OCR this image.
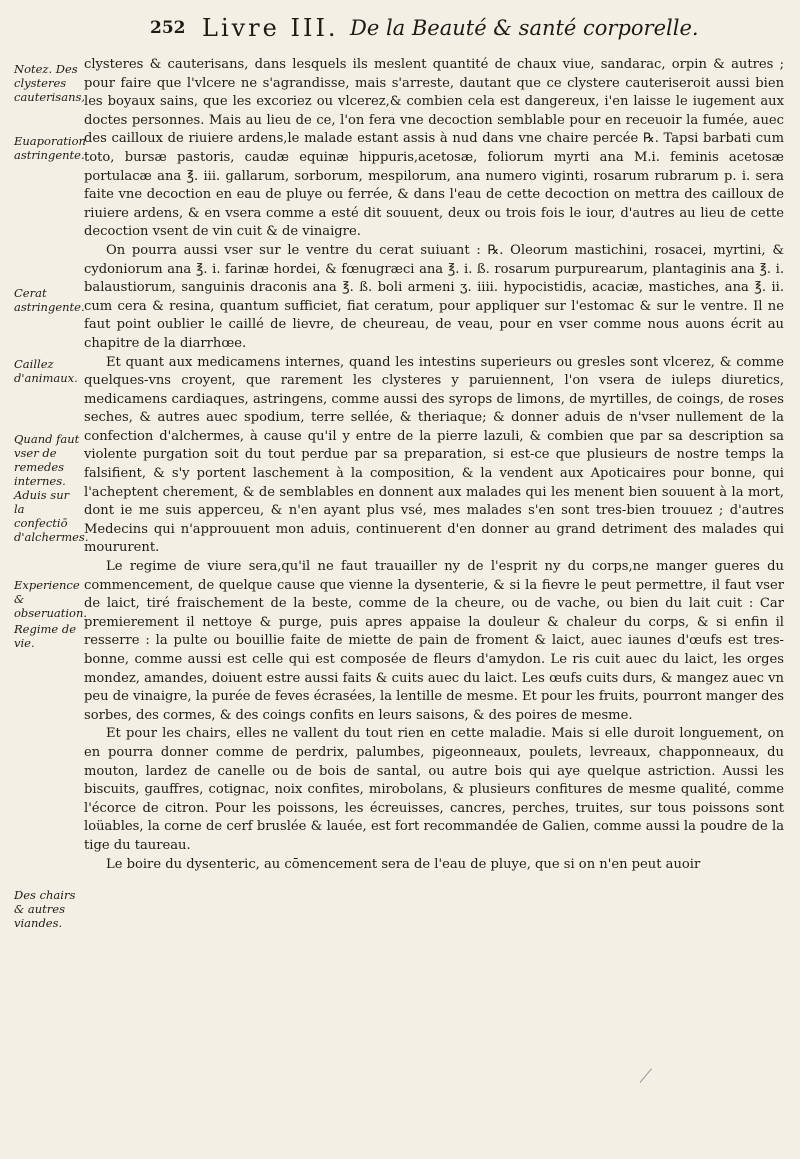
252 Livre III. De la Beauté & santé corporelle.
Notez. Des clysteres cauterisans,
Euaporation astringente.
Cerat astringente.
Caillez d'animaux.
Quand faut vser de remedes internes. Aduis sur la confectiō d'alchermes.
Experience & obseruation.
Regime de vie.
Des chairs & autres viandes.

clysteres & cauterisans, dans lesquels ils meslent quantité de chaux viue, sandarac, orpin & autres ; pour faire que l'vlcere ne s'agrandisse, mais s'arreste, dautant que ce clystere cauteriseroit aussi bien les boyaux sains, que les excoriez ou vlcerez,& combien cela est dangereux, i'en laisse le iugement aux doctes personnes. Mais au lieu de ce, l'on fera vne decoction semblable pour en receuoir la fumée, auec des cailloux de riuiere ardens,le malade estant assis à nud dans vne chaire percée ℞. Tapsi barbati cum toto, bursæ pastoris, caudæ equinæ hippuris,acetosæ, foliorum myrti ana M.i. feminis acetosæ portulacæ ana ℥. iii. gallarum, sorborum, mespilorum, ana numero viginti, rosarum rubrarum p. i. sera faite vne decoction en eau de pluye ou ferrée, & dans l'eau de cette decoction on mettra des cailloux de riuiere ardens, & en vsera comme a esté dit souuent, deux ou trois fois le iour, d'autres au lieu de cette decoction vsent de vin cuit & de vinaigre.

On pourra aussi vser sur le ventre du cerat suiuant : ℞. Oleorum mastichini, rosacei, myrtini, & cydoniorum ana ℥. i. farinæ hordei, & fœnugræci ana ℥. i. ß. rosarum purpurearum, plantaginis ana ℥. i. balaustiorum, sanguinis draconis ana ℥. ß. boli armeni ʒ. iiii. hypocistidis, acaciæ, mastiches, ana ℥. ii. cum cera & resina, quantum sufficiet, fiat ceratum, pour appliquer sur l'estomac & sur le ventre. Il ne faut point oublier le caillé de lievre, de cheureau, de veau, pour en vser comme nous auons écrit au chapitre de la diarrhœe.

Et quant aux medicamens internes, quand les intestins superieurs ou gresles sont vlcerez, & comme quelques-vns croyent, que rarement les clysteres y paruiennent, l'on vsera de iuleps diuretics, medicamens cardiaques, astringens, comme aussi des syrops de limons, de myrtilles, de coings, de roses seches, & autres auec spodium, terre sellée, & theriaque; & donner aduis de n'vser nullement de la confection d'alchermes, à cause qu'il y entre de la pierre lazuli, & combien que par sa description sa violente purgation soit du tout perdue par sa preparation, si est-ce que plusieurs de nostre temps la falsifient, & s'y portent laschement à la composition, & la vendent aux Apoticaires pour bonne, qui l'acheptent cherement, & de semblables en donnent aux malades qui les menent bien souuent à la mort, dont ie me suis apperceu, & n'en ayant plus vsé, mes malades s'en sont tres-bien trouuez ; d'autres Medecins qui n'approuuent mon aduis, continuerent d'en donner au grand detriment des malades qui moururent.

Le regime de viure sera,qu'il ne faut trauailler ny de l'esprit ny du corps,ne manger gueres du commencement, de quelque cause que vienne la dysenterie, & si la fievre le peut permettre, il faut vser de laict, tiré fraischement de la beste, comme de la cheure, ou de vache, ou bien du lait cuit : Car premierement il nettoye & purge, puis apres appaise la douleur & chaleur du corps, & si enfin il resserre : la pulte ou bouillie faite de miette de pain de froment & laict, auec iaunes d'œufs est tres-bonne, comme aussi est celle qui est composée de fleurs d'amydon. Le ris cuit auec du laict, les orges mondez, amandes, doiuent estre aussi faits & cuits auec du laict. Les œufs cuits durs, & mangez auec vn peu de vinaigre, la purée de feves écrasées, la lentille de mesme. Et pour les fruits, pourront manger des sorbes, des cormes, & des coings confits en leurs saisons, & des poires de mesme.

Et pour les chairs, elles ne vallent du tout rien en cette maladie. Mais si elle duroit longuement, on en pourra donner comme de perdrix, palumbes, pigeonneaux, poulets, levreaux, chapponneaux, du mouton, lardez de canelle ou de bois de santal, ou autre bois qui aye quelque astriction. Aussi les biscuits, gauffres, cotignac, noix confites, mirobolans, & plusieurs confitures de mesme qualité, comme l'écorce de citron. Pour les poissons, les écreuisses, cancres, perches, truites, sur tous poissons sont loüables, la corne de cerf bruslée & lauée, est fort recommandée de Galien, comme aussi la poudre de la tige du taureau.

Le boire du dysenteric, au cōmencement sera de l'eau de pluye, que si on n'en peut auoir
